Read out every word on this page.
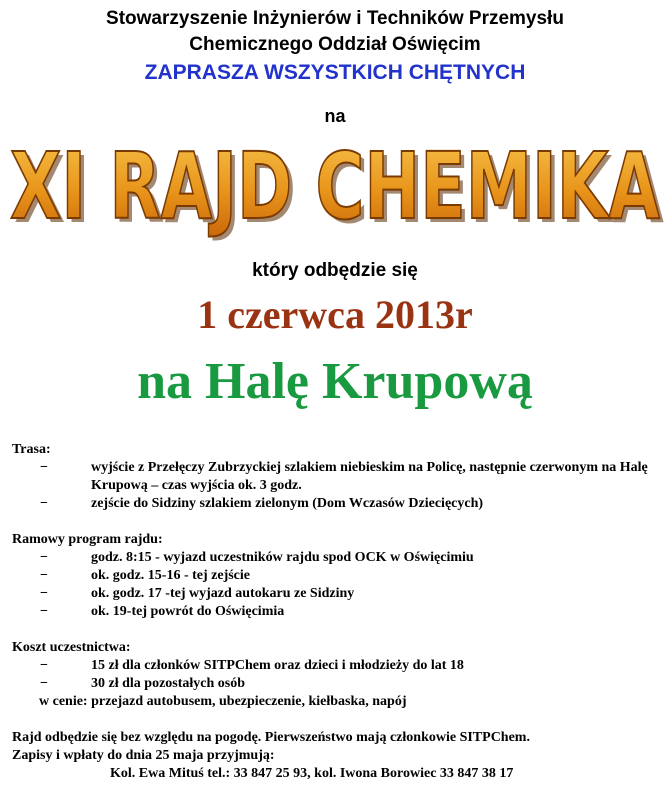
Stowarzyszenie Inżynierów i Techników Przemysłu
Chemicznego Oddział Oświęcim
ZAPRASZA WSZYSTKICH CHĘTNYCH
na
XI RAJD CHEMIKA
XI RAJD CHEMIKA
który odbędzie się
1 czerwca 2013r
na Halę Krupową
Trasa:
−	wyjście z Przełęczy Zubrzyckiej szlakiem niebieskim na Policę, następnie czerwonym na Halę Krupową – czas wyjścia ok. 3 godz.
−	zejście do Sidziny szlakiem zielonym (Dom Wczasów Dziecięcych)
Ramowy program rajdu:
−	godz. 8:15 - wyjazd uczestników rajdu spod OCK w Oświęcimiu
−	ok. godz. 15-16 - tej zejście
−	ok. godz. 17 -tej wyjazd autokaru ze Sidziny
−	ok. 19-tej powrót do Oświęcimia
Koszt uczestnictwa:
−	15 zł dla członków SITPChem oraz dzieci i młodzieży do lat 18
−	30 zł dla pozostałych osób
w cenie: przejazd autobusem, ubezpieczenie, kiełbaska, napój
Rajd odbędzie się bez względu na pogodę. Pierwszeństwo mają członkowie SITPChem.
Zapisy i wpłaty do dnia 25 maja przyjmują:
Kol. Ewa Mituś tel.: 33 847 25 93, kol. Iwona Borowiec 33 847 38 17
